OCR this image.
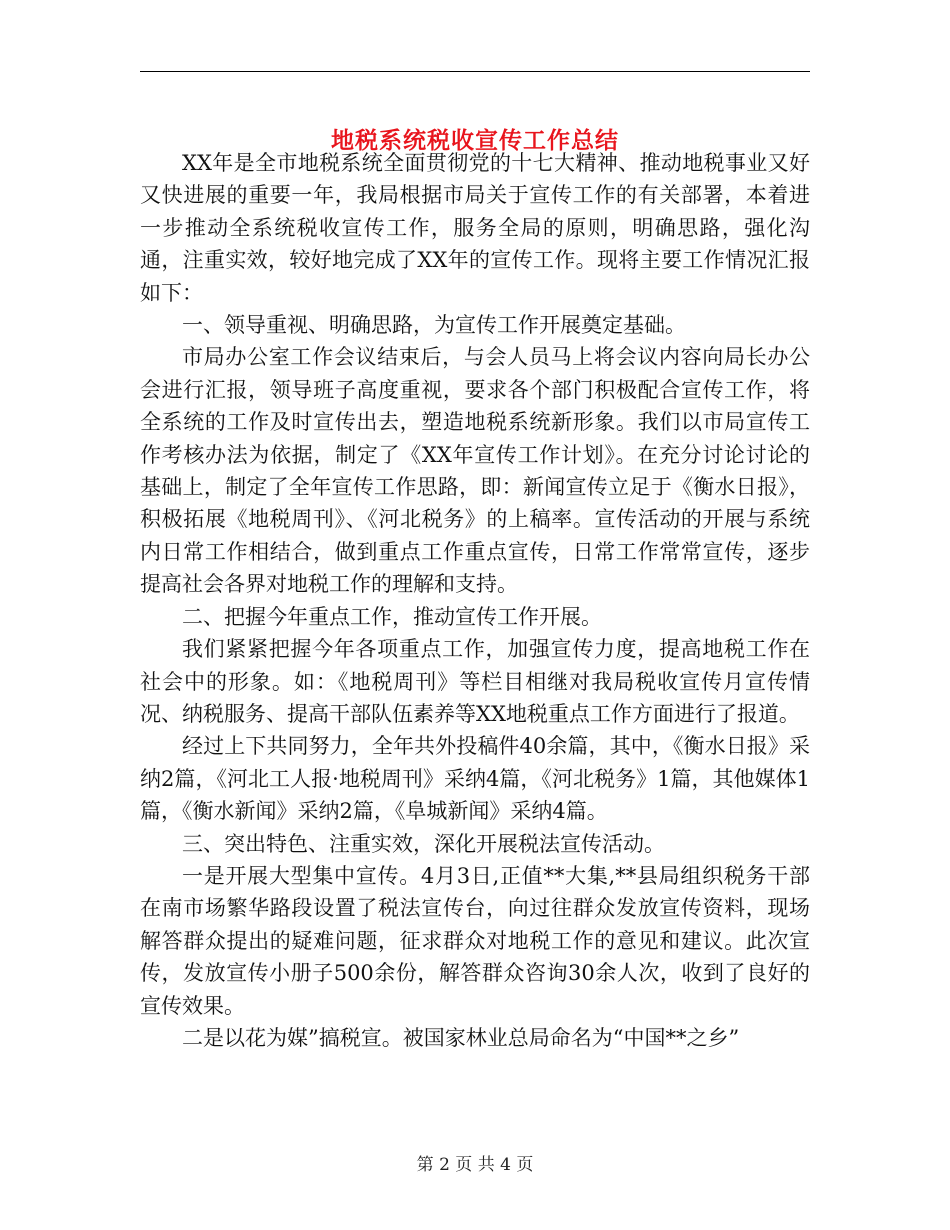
地税系统税收宣传工作总结

XX年是全市地税系统全面贯彻党的十七大精神、推动地税事业又好又快进展的重要一年，我局根据市局关于宣传工作的有关部署，本着进一步推动全系统税收宣传工作，服务全局的原则，明确思路，强化沟通，注重实效，较好地完成了XX年的宣传工作。现将主要工作情况汇报如下：

一、领导重视、明确思路，为宣传工作开展奠定基础。

市局办公室工作会议结束后，与会人员马上将会议内容向局长办公会进行汇报，领导班子高度重视，要求各个部门积极配合宣传工作，将全系统的工作及时宣传出去，塑造地税系统新形象。我们以市局宣传工作考核办法为依据，制定了《XX年宣传工作计划》。在充分讨论讨论的基础上，制定了全年宣传工作思路，即：新闻宣传立足于《衡水日报》，积极拓展《地税周刊》、《河北税务》的上稿率。宣传活动的开展与系统内日常工作相结合，做到重点工作重点宣传，日常工作常常宣传，逐步提高社会各界对地税工作的理解和支持。

二、把握今年重点工作，推动宣传工作开展。

我们紧紧把握今年各项重点工作，加强宣传力度，提高地税工作在社会中的形象。如：《地税周刊》等栏目相继对我局税收宣传月宣传情况、纳税服务、提高干部队伍素养等XX地税重点工作方面进行了报道。

经过上下共同努力，全年共外投稿件40余篇，其中，《衡水日报》采纳2篇，《河北工人报·地税周刊》采纳4篇，《河北税务》1篇，其他媒体1篇，《衡水新闻》采纳2篇，《阜城新闻》采纳4篇。

三、突出特色、注重实效，深化开展税法宣传活动。

一是开展大型集中宣传。4月3日,正值**大集,**县局组织税务干部在南市场繁华路段设置了税法宣传台，向过往群众发放宣传资料，现场解答群众提出的疑难问题，征求群众对地税工作的意见和建议。此次宣传，发放宣传小册子500余份，解答群众咨询30余人次，收到了良好的宣传效果。

二是以花为媒”搞税宣。被国家林业总局命名为“中国**之乡”

第 2 页 共 4 页
